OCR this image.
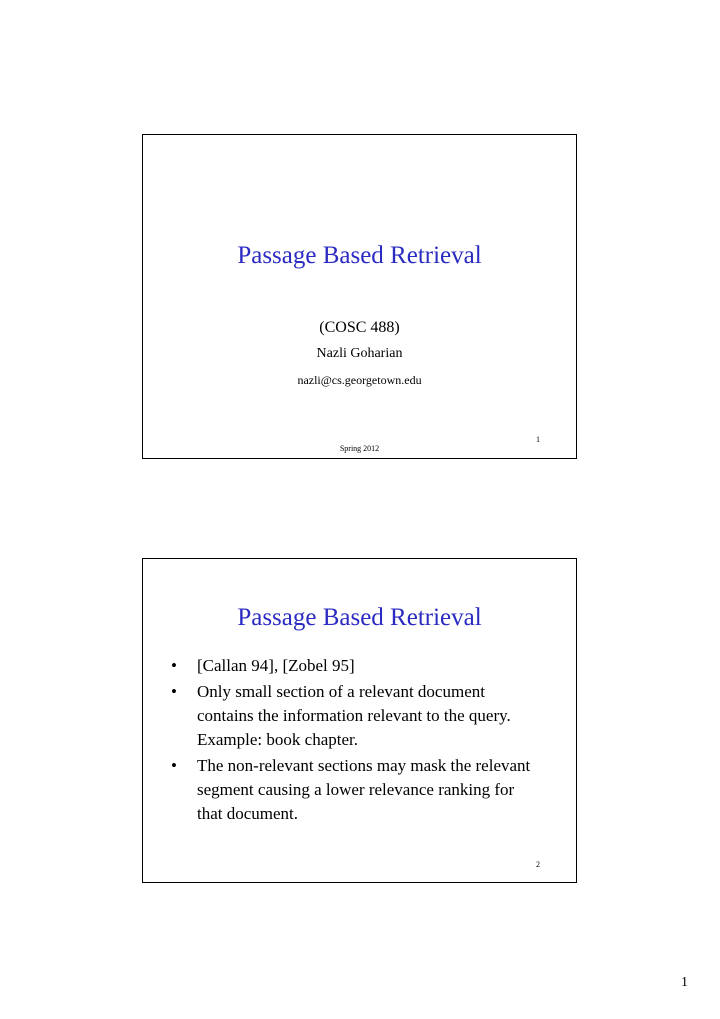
Passage Based Retrieval
(COSC 488)
Nazli Goharian
nazli@cs.georgetown.edu
1
Spring 2012
Passage Based Retrieval
• [Callan 94], [Zobel 95]
• Only small section of a relevant document contains the information relevant to the query. Example: book chapter.
• The non-relevant sections may mask the relevant segment causing a lower relevance ranking for that document.
2
1
